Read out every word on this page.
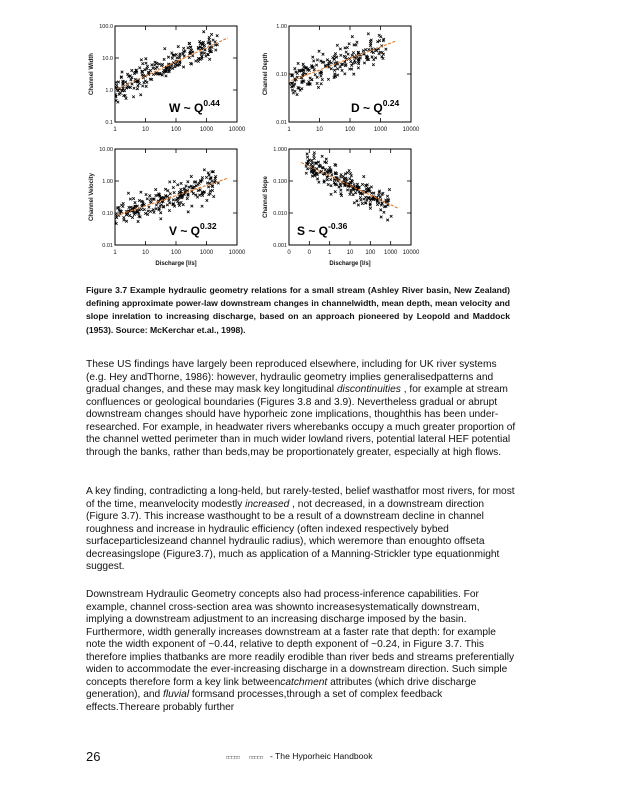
1	10	100	1000	10000
100.0
10.0
1.0
0.1
Channel Width
W ~ $Q^{0.44}$
1	10	100	1000	10000
1.00
0.10
0.01
Channel Depth
D ~ $Q^{0.24}$
1	10	100	1000	10000
10.00
1.00
0.10
0.01
Channel Velocity
Discharge [l/s]
V ~ $Q^{0.32}$
0	0	1	10 100 1000 10000
1.000
0.100
0.010
0.001
Channel Slope
Discharge [l/s]
S ~ $Q^{-0.36}$
Figure 3.7 Example hydraulic geometry relations for a small stream (Ashley River basin, New Zealand) defining approximate power-law downstream changes in channelwidth, mean depth, mean velocity and slope inrelation to increasing discharge, based on an approach pioneered by Leopold and Maddock (1953). Source: McKerchar et.al., 1998).

These US findings have largely been reproduced elsewhere, including for UK river systems (e.g. Hey andThorne, 1986): however, hydraulic geometry implies generalisedpatterns and gradual changes, and these may mask key longitudinal discontinuities , for example at stream confluences or geological boundaries (Figures 3.8 and 3.9). Nevertheless gradual or abrupt downstream changes should have hyporheic zone implications, thoughthis has been under-researched. For example, in headwater rivers wherebanks occupy a much greater proportion of the channel wetted perimeter than in much wider lowland rivers, potential lateral HEF potential through the banks, rather than beds,may be proportionately greater, especially at high flows.

A key finding, contradicting a long-held, but rarely-tested, belief wasthatfor most rivers, for most of the time, meanvelocity modestly increased , not decreased, in a downstream direction (Figure 3.7). This increase wasthought to be a result of a downstream decline in channel roughness and increase in hydraulic efficiency (often indexed respectively bybed surfaceparticlesizeand channel hydraulic radius), which weremore than enoughto offseta decreasingslope (Figure3.7), much as application of a Manning-Strickler type equationmight suggest.

Downstream Hydraulic Geometry concepts also had process-inference capabilities. For example, channel cross-section area was shownto increasesystematically downstream, implying a downstream adjustment to an increasing discharge imposed by the basin. Furthermore, width generally increases downstream at a faster rate that depth: for example note the width exponent of ~0.44, relative to depth exponent of ~0.24, in Figure 3.7. This therefore implies thatbanks are more readily erodible than river beds and streams preferentially widen to accommodate the ever-increasing discharge in a downstream direction. Such simple concepts therefore form a key link betweencatchment attributes (which drive discharge generation), and fluvial formsand processes,through a set of complex feedback effects.Thereare probably further

26	□□□□□ □□□□□ - The Hyporheic Handbook
